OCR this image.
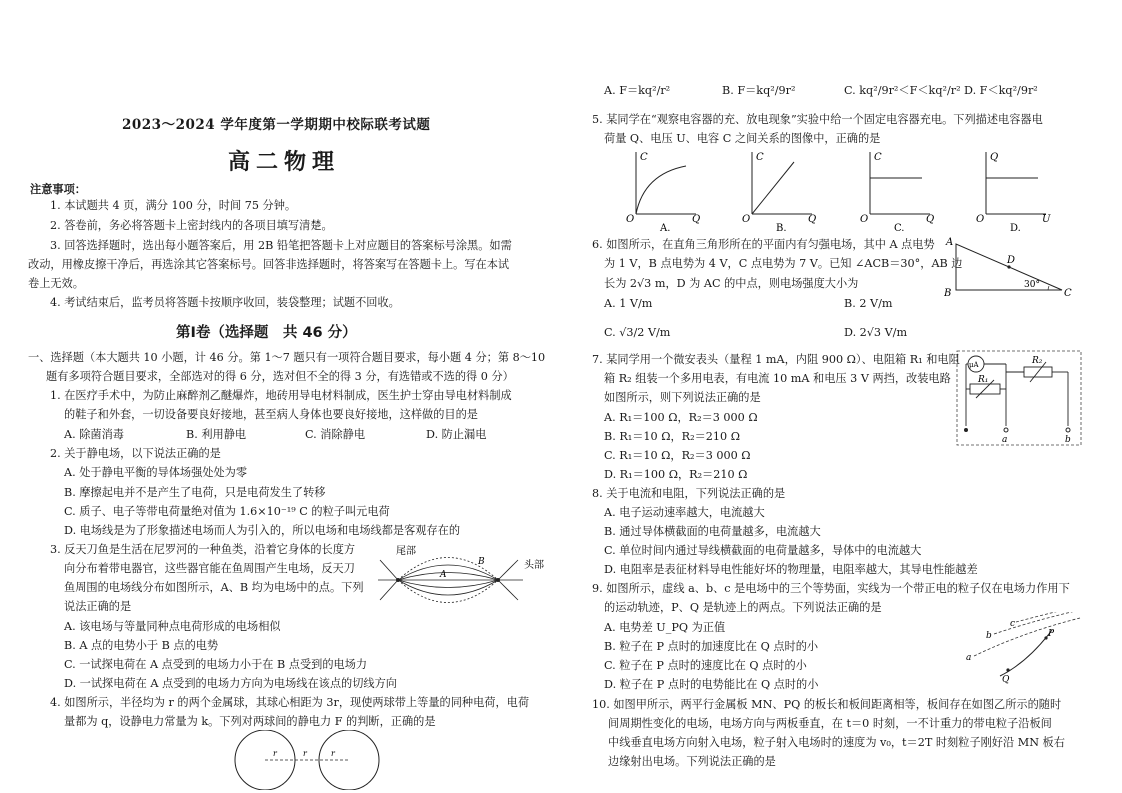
2023～2024 学年度第一学期期中校际联考试题
高二物理
注意事项：
1. 本试题共 4 页，满分 100 分，时间 75 分钟。
2. 答卷前，务必将答题卡上密封线内的各项目填写清楚。
3. 回答选择题时，选出每小题答案后，用 2B 铅笔把答题卡上对应题目的答案标号涂黑。如需
改动，用橡皮擦干净后，再选涂其它答案标号。回答非选择题时，将答案写在答题卡上。写在本试
卷上无效。
4. 考试结束后，监考员将答题卡按顺序收回，装袋整理；试题不回收。
第Ⅰ卷（选择题　共 46 分）
一、选择题（本大题共 10 小题，计 46 分。第 1～7 题只有一项符合题目要求，每小题 4 分；第 8～10
题有多项符合题目要求，全部选对的得 6 分，选对但不全的得 3 分，有选错或不选的得 0 分）
1. 在医疗手术中，为防止麻醉剂乙醚爆炸，地砖用导电材料制成，医生护士穿由导电材料制成
的鞋子和外套，一切设备要良好接地，甚至病人身体也要良好接地，这样做的目的是
A. 除菌消毒	B. 利用静电	C. 消除静电	D. 防止漏电
2. 关于静电场，以下说法正确的是
A. 处于静电平衡的导体场强处处为零
B. 摩擦起电并不是产生了电荷，只是电荷发生了转移
C. 质子、电子等带电荷量绝对值为 1.6×10⁻¹⁹ C 的粒子叫元电荷
D. 电场线是为了形象描述电场而人为引入的，所以电场和电场线都是客观存在的
3. 反天刀鱼是生活在尼罗河的一种鱼类，沿着它身体的长度方
向分布着带电器官，这些器官能在鱼周围产生电场，反天刀
鱼周围的电场线分布如图所示，A、B 均为电场中的点。下列
说法正确的是
尾部
头部
A
B
A. 该电场与等量同种点电荷形成的电场相似
B. A 点的电势小于 B 点的电势
C. 一试探电荷在 A 点受到的电场力小于在 B 点受到的电场力
D. 一试探电荷在 A 点受到的电场力方向为电场线在该点的切线方向
4. 如图所示，半径均为 r 的两个金属球，其球心相距为 3r，现使两球带上等量的同种电荷，电荷
量都为 q，设静电力常量为 k。下列对两球间的静电力 F 的判断，正确的是
r	r	r
A. F＝kq²/r²	B. F＝kq²/9r²	C. kq²/9r²＜F＜kq²/r² D. F＜kq²/9r²
5. 某同学在“观察电容器的充、放电现象”实验中给一个固定电容器充电。下列描述电容器电
荷量 Q、电压 U、电容 C 之间关系的图像中，正确的是
C
Q
O
A.
C
Q
O
B.
C
Q
O
C.
Q
U
O
D.
6. 如图所示，在直角三角形所在的平面内有匀强电场，其中 A 点电势
为 1 V，B 点电势为 4 V，C 点电势为 7 V。已知 ∠ACB＝30°，AB 边
长为 2√3 m，D 为 AC 的中点，则电场强度大小为
A
B	C
D
30°
A. 1 V/m	B. 2 V/m
C. √3/2 V/m	D. 2√3 V/m
7. 某同学用一个微安表头（量程 1 mA，内阻 900 Ω）、电阻箱 R₁ 和电阻
箱 R₂ 组装一个多用电表，有电流 10 mA 和电压 3 V 两挡，改装电路
如图所示，则下列说法正确的是
μA
R₁
R₂
a	b
A. R₁＝100 Ω，R₂＝3 000 Ω
B. R₁＝10 Ω，R₂＝210 Ω
C. R₁＝10 Ω，R₂＝3 000 Ω
D. R₁＝100 Ω，R₂＝210 Ω
8. 关于电流和电阻，下列说法正确的是
A. 电子运动速率越大，电流越大
B. 通过导体横截面的电荷量越多，电流越大
C. 单位时间内通过导线横截面的电荷量越多，导体中的电流越大
D. 电阻率是表征材料导电性能好坏的物理量，电阻率越大，其导电性能越差
9. 如图所示，虚线 a、b、c 是电场中的三个等势面，实线为一个带正电的粒子仅在电场力作用下
的运动轨迹，P、Q 是轨迹上的两点。下列说法正确的是
a
b
c
P
Q
A. 电势差 U_PQ 为正值
B. 粒子在 P 点时的加速度比在 Q 点时的小
C. 粒子在 P 点时的速度比在 Q 点时的小
D. 粒子在 P 点时的电势能比在 Q 点时的小
10. 如图甲所示，两平行金属板 MN、PQ 的板长和板间距离相等，板间存在如图乙所示的随时
间周期性变化的电场，电场方向与两板垂直，在 t＝0 时刻，一不计重力的带电粒子沿板间
中线垂直电场方向射入电场，粒子射入电场时的速度为 v₀，t＝2T 时刻粒子刚好沿 MN 板右
边缘射出电场。下列说法正确的是
